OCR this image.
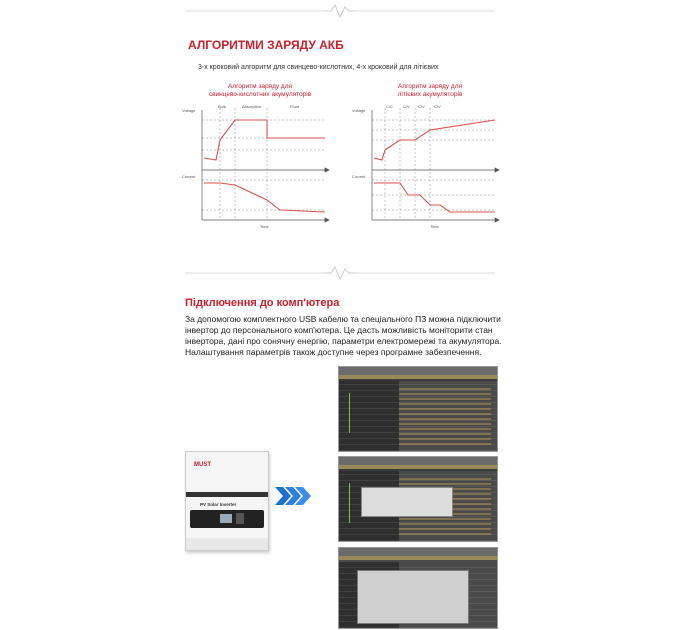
АЛГОРИТМИ ЗАРЯДУ АКБ
3-х кроковий алгоритм для свинцево-кислотних, 4-х кроковий для літієвих
Алгоритм заряду для
свинцево-кислотних акумуляторів
Алгоритм заряду для
літієвих акумуляторів
Voltage
Current
Time
Bulk	Absorption	Float
Voltage
Current
Time
C/C	C/V C/V C/V
Підключення до комп'ютера
За допомогою комплектного USB кабелю та спеціального ПЗ можна підключити
інвертор до персонального комп'ютера. Це дасть можливість моніторити стан
інвертора, дані про сонячну енергію, параметри електромережі та акумулятора.
Налаштування параметрів також доступне через програмне забезпечення.
MUST
PV Solar Inverter
